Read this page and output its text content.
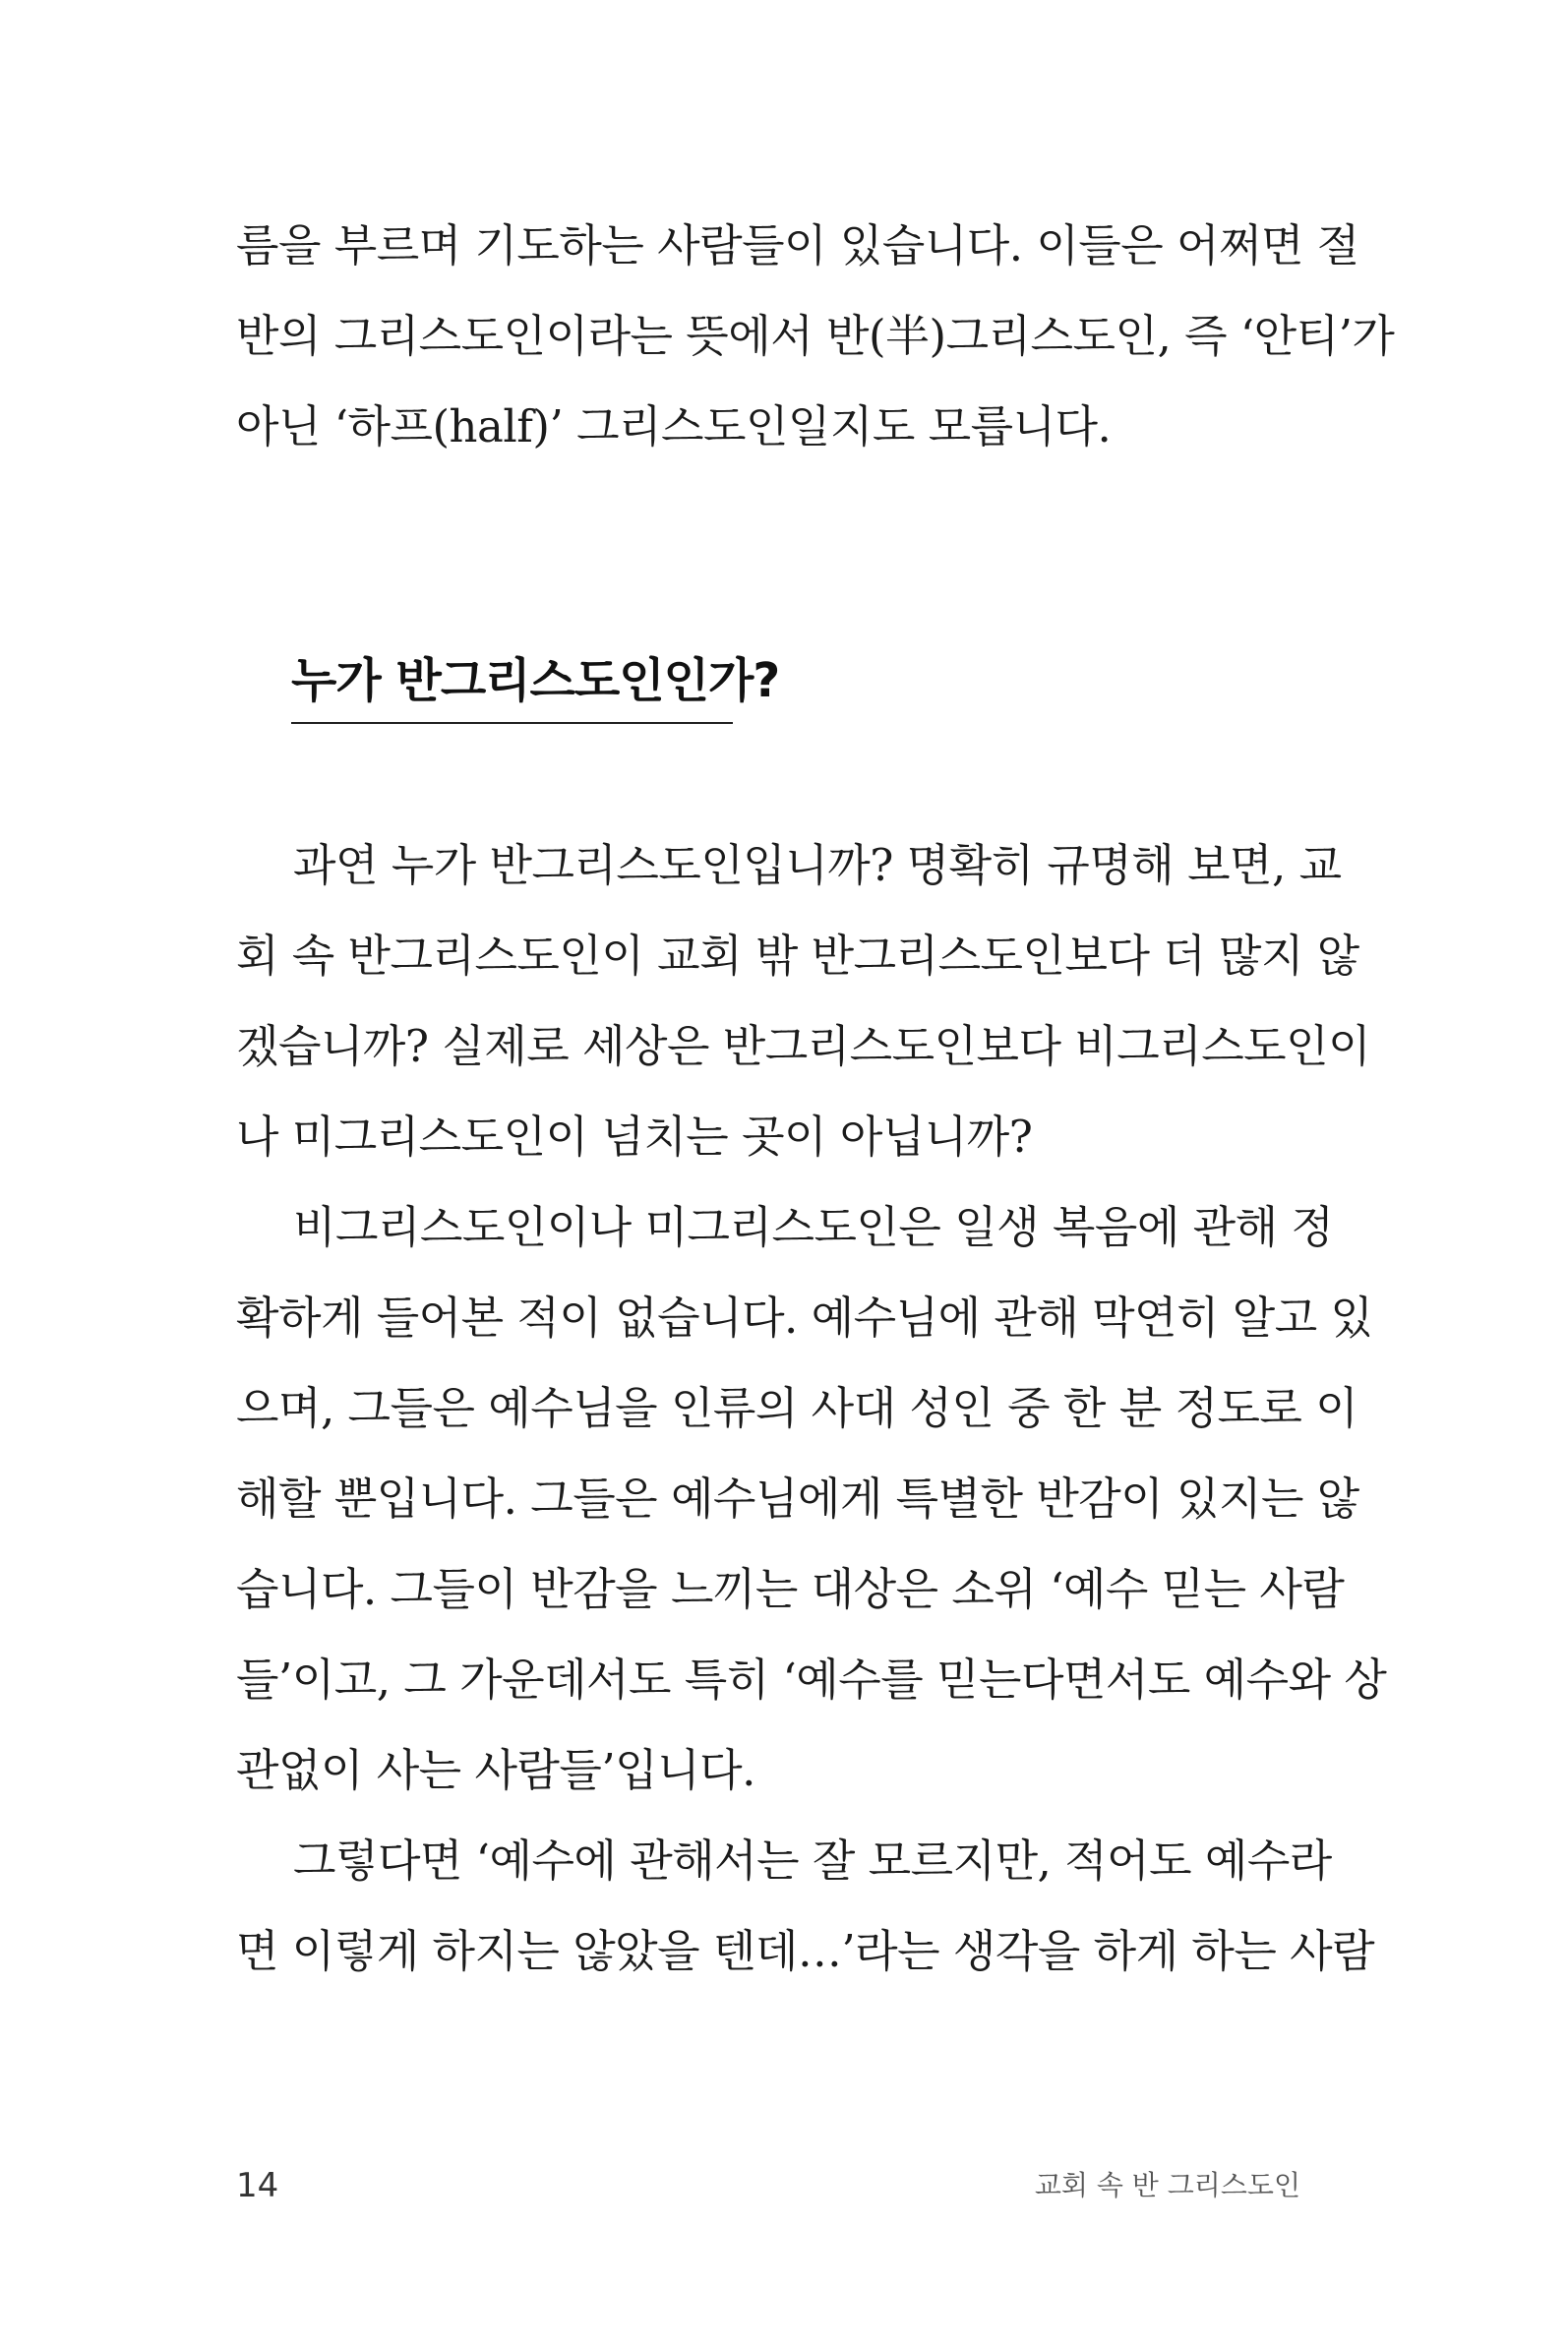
름을 부르며 기도하는 사람들이 있습니다. 이들은 어쩌면 절
반의 그리스도인이라는 뜻에서 반(半)그리스도인, 즉 ‘안티’가
아닌 ‘하프(half)’ 그리스도인일지도 모릅니다.
누가 반그리스도인인가?
과연 누가 반그리스도인입니까? 명확히 규명해 보면, 교
회 속 반그리스도인이 교회 밖 반그리스도인보다 더 많지 않
겠습니까? 실제로 세상은 반그리스도인보다 비그리스도인이
나 미그리스도인이 넘치는 곳이 아닙니까?
비그리스도인이나 미그리스도인은 일생 복음에 관해 정
확하게 들어본 적이 없습니다. 예수님에 관해 막연히 알고 있
으며, 그들은 예수님을 인류의 사대 성인 중 한 분 정도로 이
해할 뿐입니다. 그들은 예수님에게 특별한 반감이 있지는 않
습니다. 그들이 반감을 느끼는 대상은 소위 ‘예수 믿는 사람
들’이고, 그 가운데서도 특히 ‘예수를 믿는다면서도 예수와 상
관없이 사는 사람들’입니다.
그렇다면 ‘예수에 관해서는 잘 모르지만, 적어도 예수라
면 이렇게 하지는 않았을 텐데…’라는 생각을 하게 하는 사람
14	교회 속 반 그리스도인
